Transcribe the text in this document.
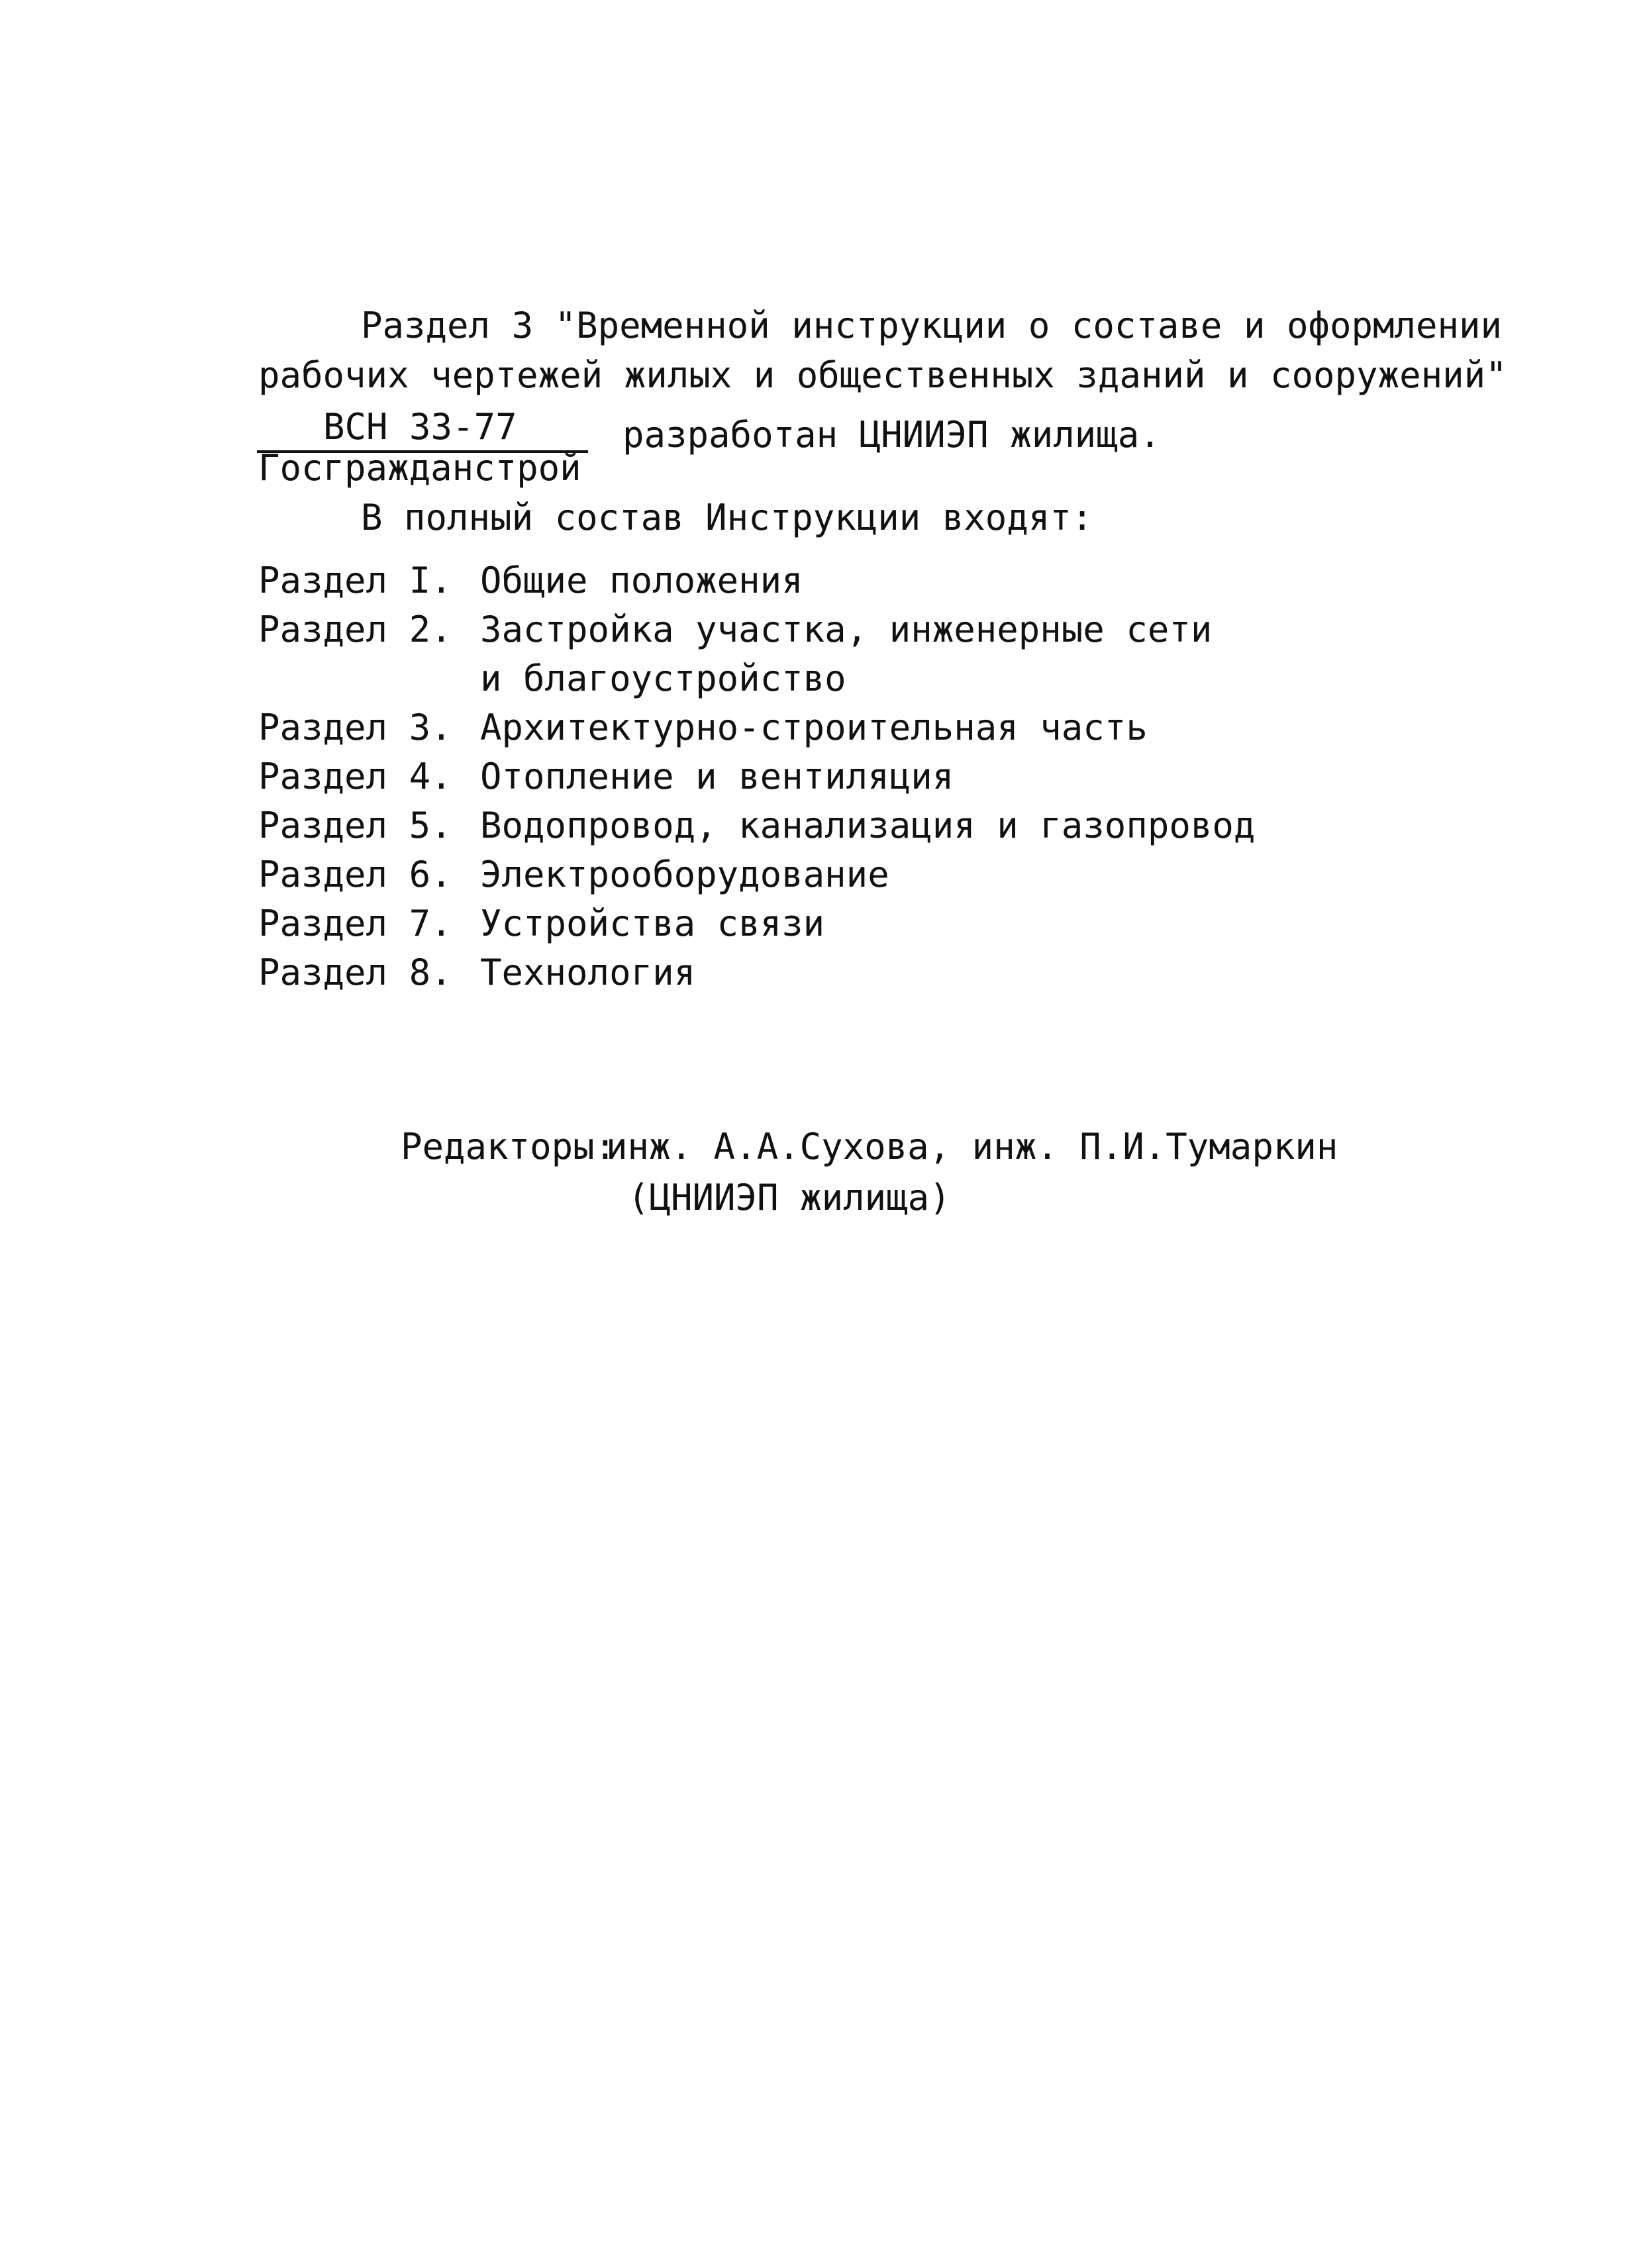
Раздел 3 "Временной инструкции о составе и оформлении
рабочих чертежей жилых и общественных зданий и сооружений"
ВСН 33-77	разработан ЦНИИЭП жилища.
Госгражданстрой
В полный состав Инструкции входят:
Раздел I. Общие положения
Раздел 2. Застройка участка, инженерные сети и благоустройство
Раздел 3. Архитектурно-строительная часть
Раздел 4. Отопление и вентиляция
Раздел 5. Водопровод, канализация и газопровод
Раздел 6. Электрооборудование
Раздел 7. Устройства связи
Раздел 8. Технология
Редакторы:
инж. А.А.Сухова, инж. П.И.Тумаркин
(ЦНИИЭП жилища)
